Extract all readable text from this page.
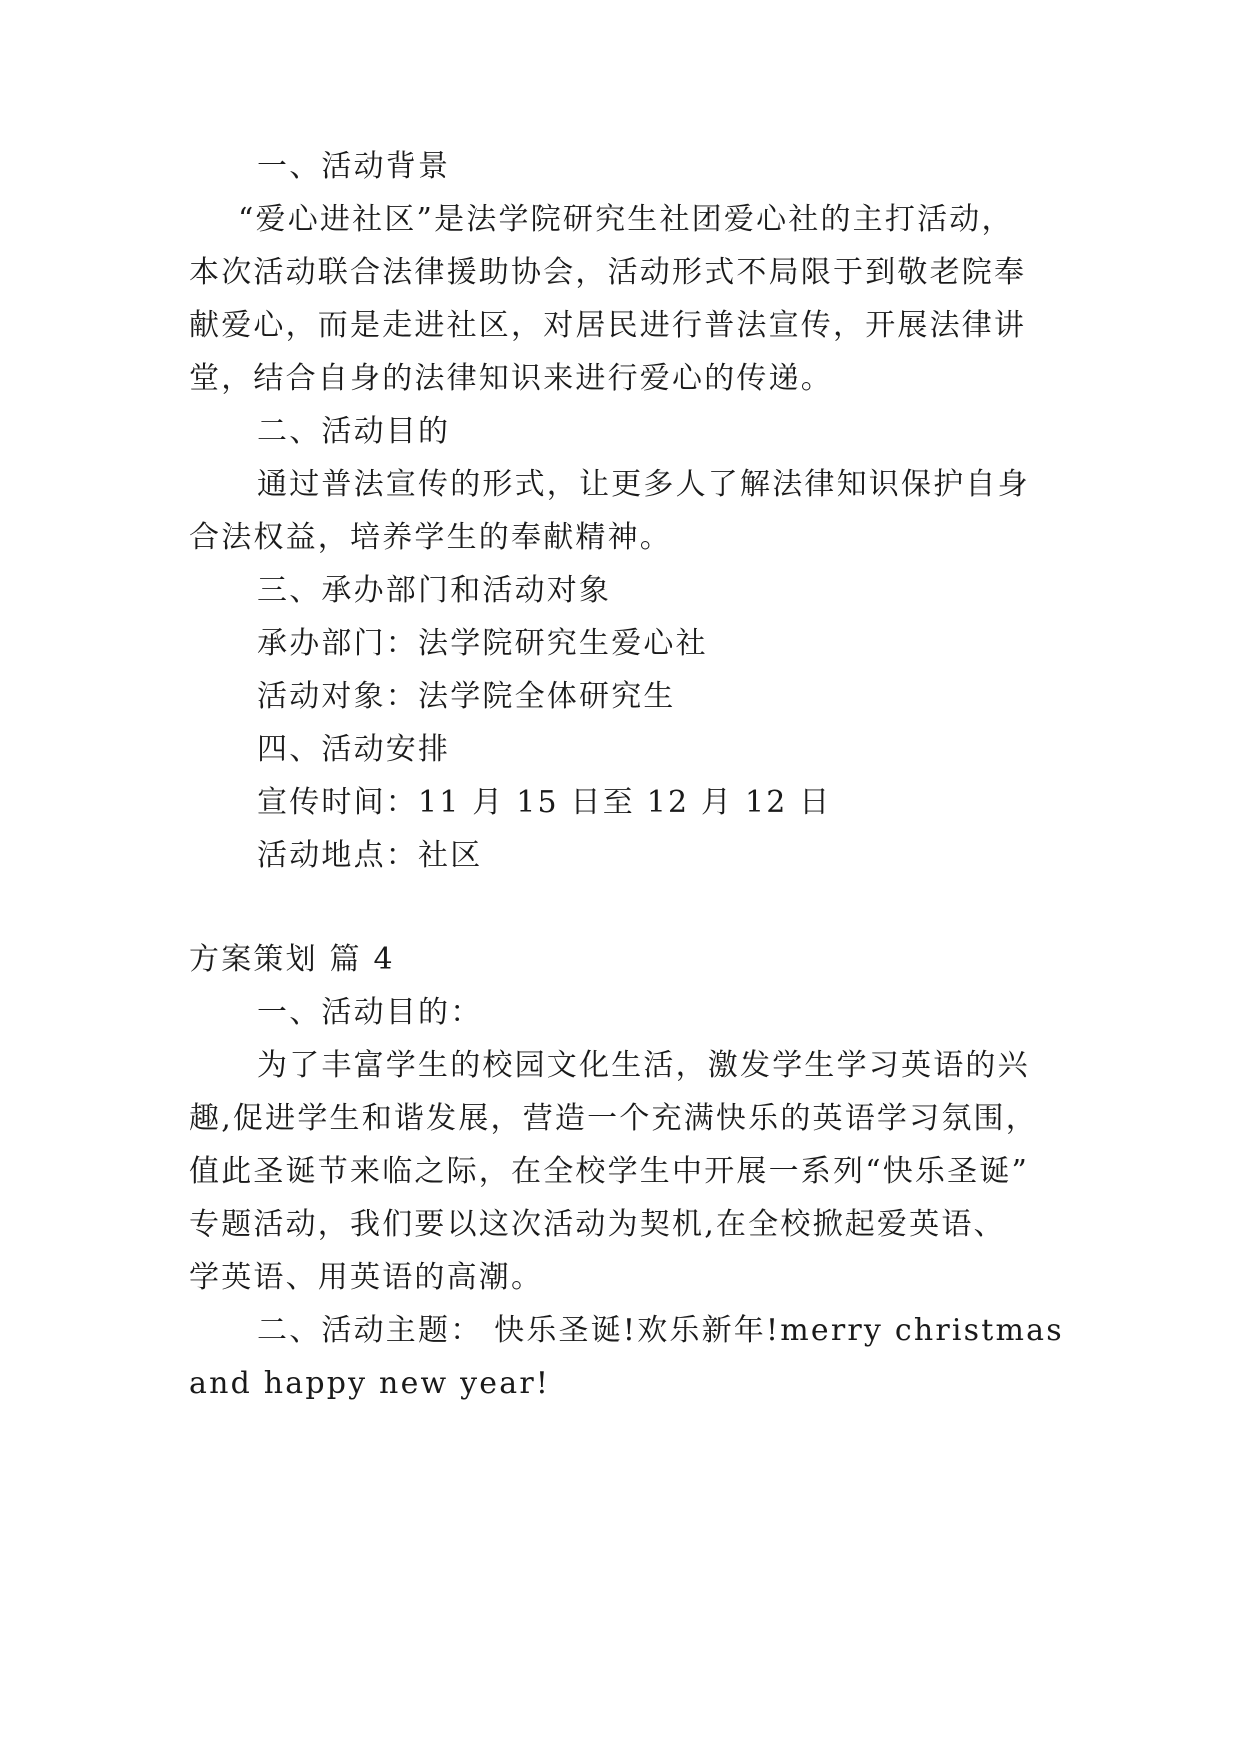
一、活动背景
“爱心进社区”是法学院研究生社团爱心社的主打活动，
本次活动联合法律援助协会，活动形式不局限于到敬老院奉
献爱心，而是走进社区，对居民进行普法宣传，开展法律讲
堂，结合自身的法律知识来进行爱心的传递。
二、活动目的
通过普法宣传的形式，让更多人了解法律知识保护自身
合法权益，培养学生的奉献精神。
三、承办部门和活动对象
承办部门：法学院研究生爱心社
活动对象：法学院全体研究生
四、活动安排
宣传时间：11 月 15 日至 12 月 12 日
活动地点：社区
方案策划 篇 4
一、活动目的：
为了丰富学生的校园文化生活，激发学生学习英语的兴
趣,促进学生和谐发展，营造一个充满快乐的英语学习氛围，
值此圣诞节来临之际，在全校学生中开展一系列“快乐圣诞”
专题活动，我们要以这次活动为契机,在全校掀起爱英语、
学英语、用英语的高潮。
二、活动主题： 快乐圣诞!欢乐新年!merry christmas
and happy new year!
